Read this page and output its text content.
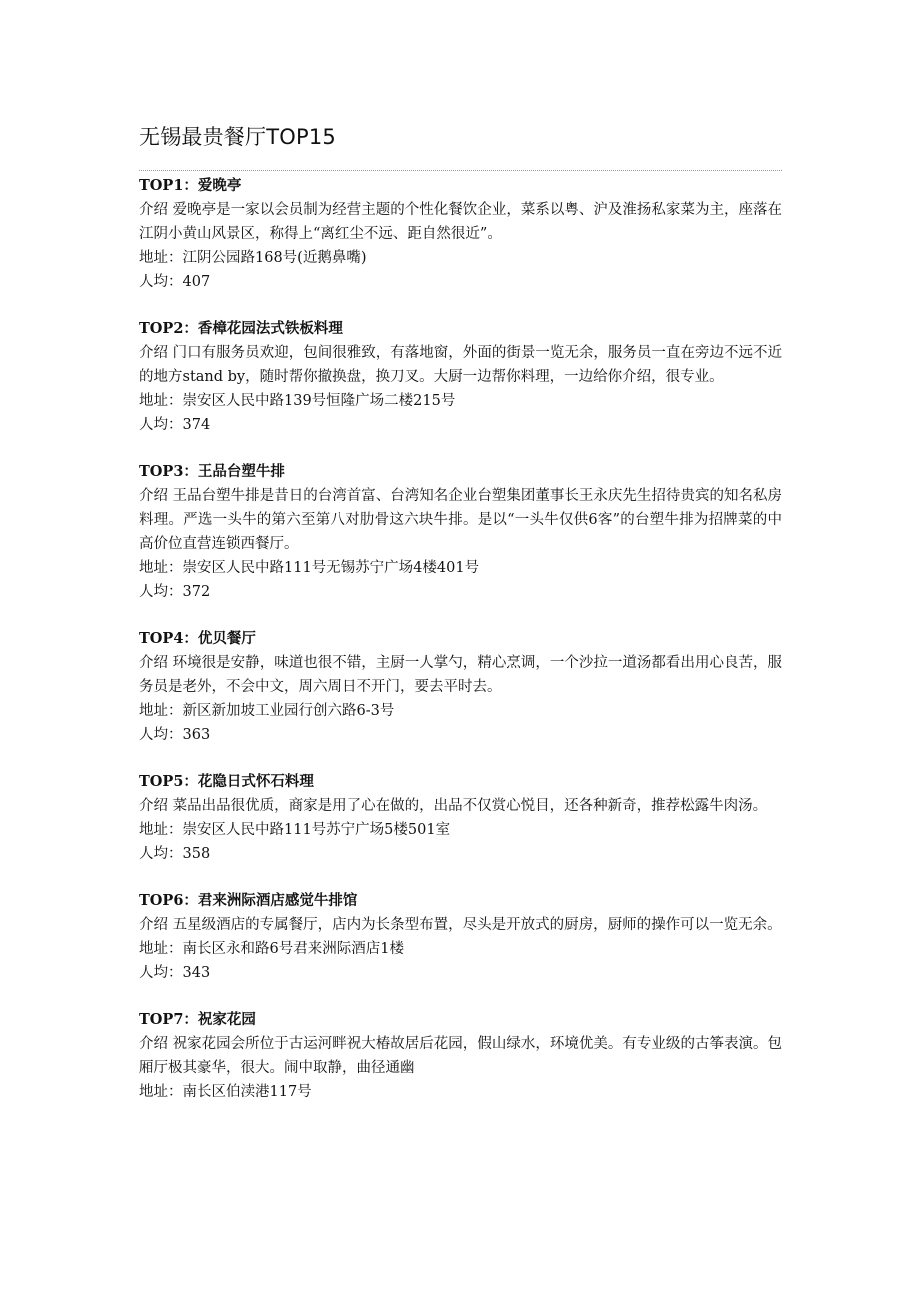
无锡最贵餐厅TOP15
TOP1：爱晚亭
介绍 爱晚亭是一家以会员制为经营主题的个性化餐饮企业，菜系以粤、沪及淮扬私家菜为主，座落在江阴小黄山风景区，称得上“离红尘不远、距自然很近”。
地址：江阴公园路168号(近鹅鼻嘴)
人均：407
TOP2：香樟花园法式铁板料理
介绍 门口有服务员欢迎，包间很雅致，有落地窗，外面的街景一览无余，服务员一直在旁边不远不近的地方stand by，随时帮你撤换盘，换刀叉。大厨一边帮你料理，一边给你介绍，很专业。
地址：崇安区人民中路139号恒隆广场二楼215号
人均：374
TOP3：王品台塑牛排
介绍 王品台塑牛排是昔日的台湾首富、台湾知名企业台塑集团董事长王永庆先生招待贵宾的知名私房料理。严选一头牛的第六至第八对肋骨这六块牛排。是以“一头牛仅供6客”的台塑牛排为招牌菜的中高价位直营连锁西餐厅。
地址：崇安区人民中路111号无锡苏宁广场4楼401号
人均：372
TOP4：优贝餐厅
介绍 环境很是安静，味道也很不错，主厨一人掌勺，精心烹调，一个沙拉一道汤都看出用心良苦，服务员是老外，不会中文，周六周日不开门，要去平时去。
地址：新区新加坡工业园行创六路6-3号
人均：363
TOP5：花隐日式怀石料理
介绍 菜品出品很优质，商家是用了心在做的，出品不仅赏心悦目，还各种新奇，推荐松露牛肉汤。
地址：崇安区人民中路111号苏宁广场5楼501室
人均：358
TOP6：君来洲际酒店感觉牛排馆
介绍 五星级酒店的专属餐厅，店内为长条型布置，尽头是开放式的厨房，厨师的操作可以一览无余。
地址：南长区永和路6号君来洲际酒店1楼
人均：343
TOP7：祝家花园
介绍 祝家花园会所位于古运河畔祝大椿故居后花园，假山绿水，环境优美。有专业级的古筝表演。包厢厅极其豪华，很大。闹中取静，曲径通幽
地址：南长区伯渎港117号
